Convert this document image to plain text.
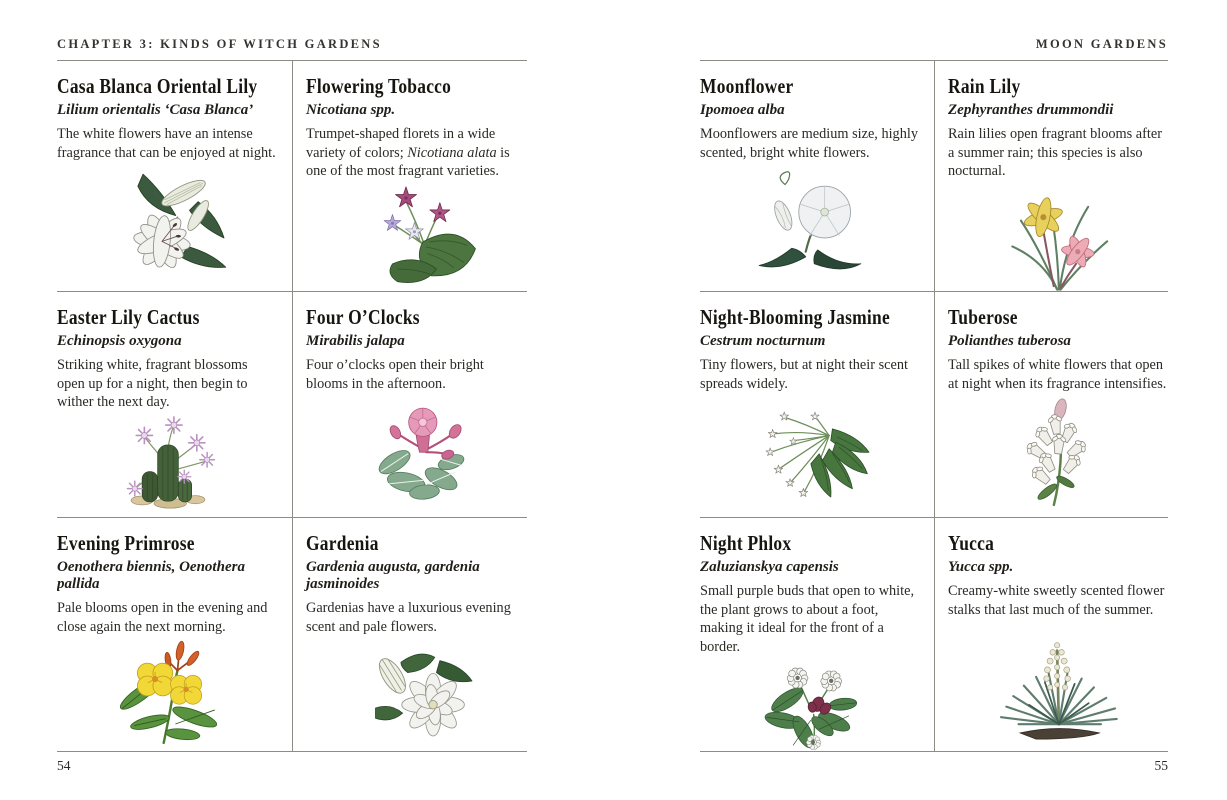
CHAPTER 3: KINDS OF WITCH GARDENS
Casa Blanca Oriental Lily

Lilium orientalis ‘Casa Blanca’

The white flowers have an intense fragrance that can be enjoyed at night.

Flowering Tobacco

Nicotiana spp.

Trumpet-shaped florets in a wide variety of colors; Nicotiana alata is one of the most fragrant varieties.

Easter Lily Cactus

Echinopsis oxygona

Striking white, fragrant blossoms open up for a night, then begin to wither the next day.

Four O’Clocks

Mirabilis jalapa

Four o’clocks open their bright blooms in the afternoon.

Evening Primrose

Oenothera biennis, Oenothera pallida

Pale blooms open in the evening and close again the next morning.

Gardenia

Gardenia augusta, gardenia jasminoides

Gardenias have a luxurious evening scent and pale flowers.

54
MOON GARDENS
Moonflower

Ipomoea alba

Moonflowers are medium size, highly scented, bright white flowers.

Rain Lily

Zephyranthes drummondii

Rain lilies open fragrant blooms after a summer rain; this species is also nocturnal.

Night-Blooming Jasmine

Cestrum nocturnum

Tiny flowers, but at night their scent spreads widely.

Tuberose

Polianthes tuberosa

Tall spikes of white flowers that open at night when its fragrance intensifies.

Night Phlox

Zaluzianskya capensis

Small purple buds that open to white, the plant grows to about a foot, making it ideal for the front of a border.

Yucca

Yucca spp.

Creamy-white sweetly scented flower stalks that last much of the summer.

55
